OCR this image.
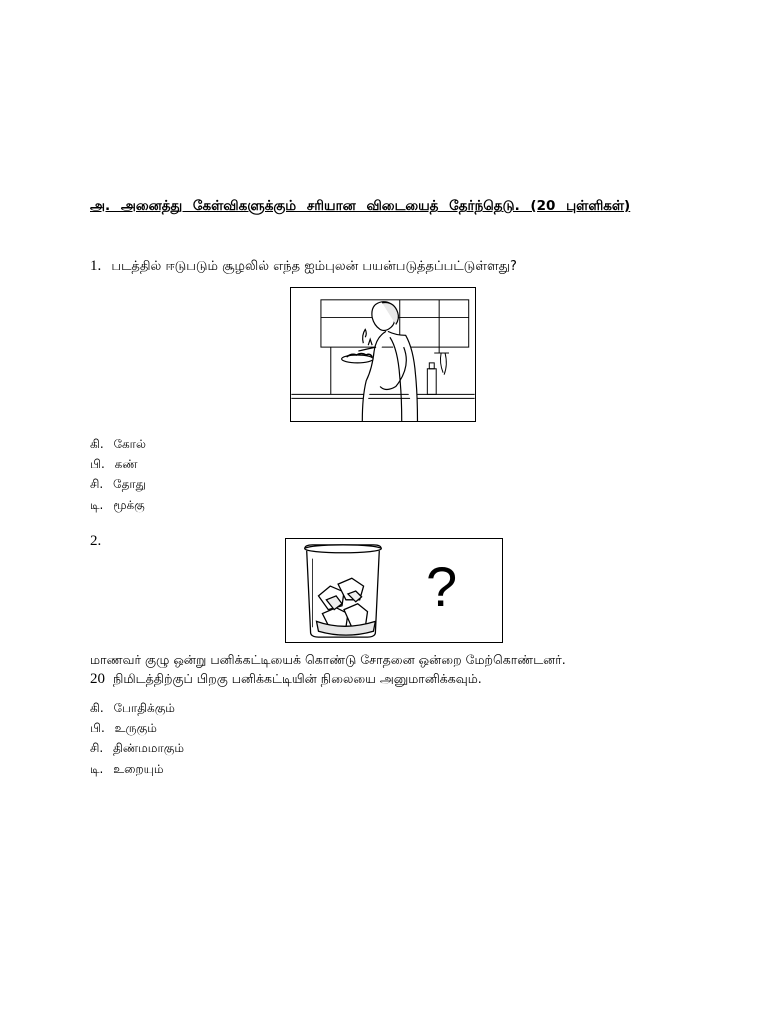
அ. அனைத்து கேள்விகளுக்கும் சரியான விடையைத் தேர்ந்தெடு. (20 புள்ளிகள்)
1. படத்தில் ஈடுபடும் சூழலில் எந்த ஐம்புலன் பயன்படுத்தப்பட்டுள்ளது?
கி. கோல்
பி. கண்
சி. தோது
டி. மூக்கு
2.
?
மாணவர் குழு ஒன்று பனிக்கட்டியைக் கொண்டு சோதனை ஒன்றை மேற்கொண்டனர்.
20 நிமிடத்திற்குப் பிறகு பனிக்கட்டியின் நிலையை அனுமானிக்கவும்.
கி. போதிக்கும்
பி. உருகும்
சி. திண்மமாகும்
டி. உறையும்
